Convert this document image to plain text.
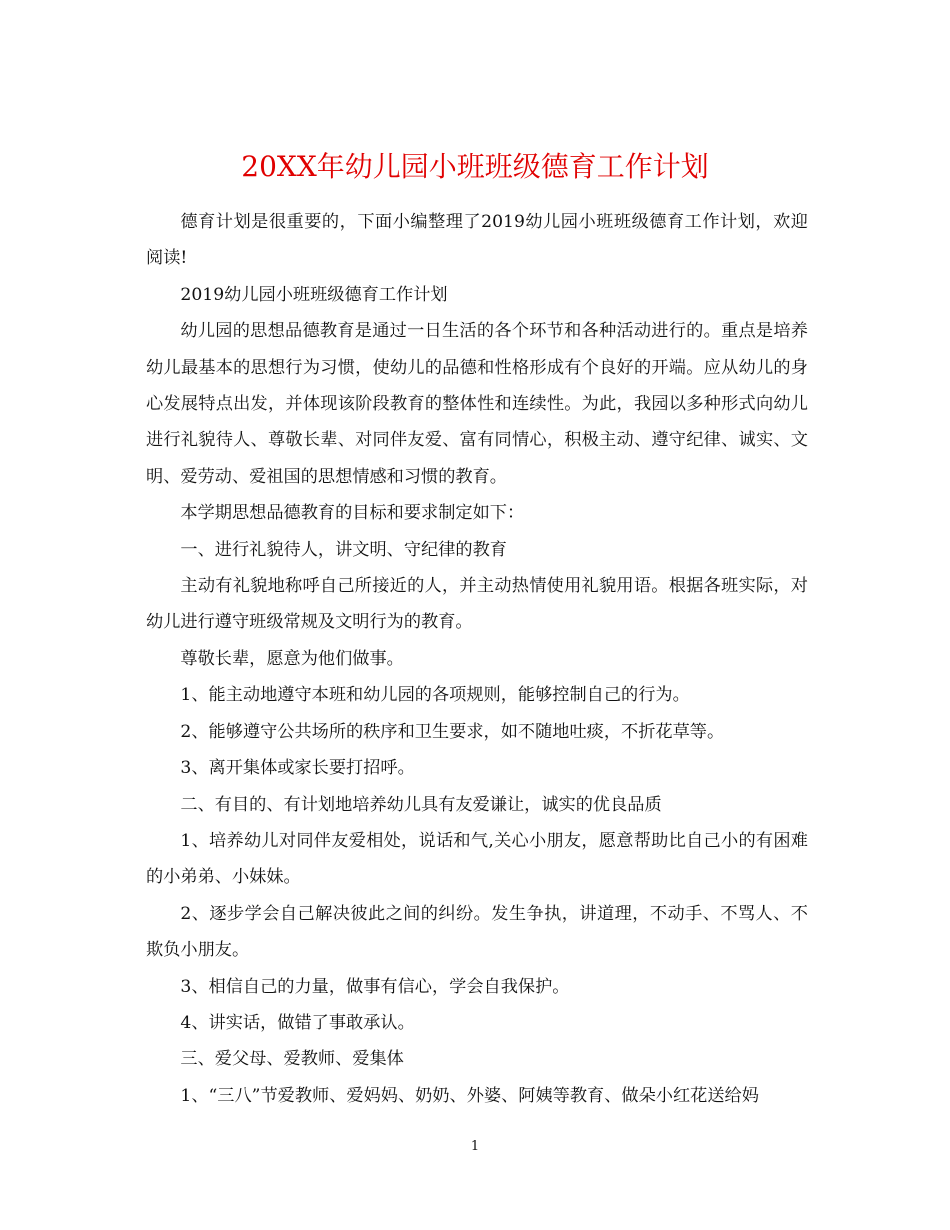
20XX年幼儿园小班班级德育工作计划

德育计划是很重要的，下面小编整理了2019幼儿园小班班级德育工作计划，欢迎阅读!

2019幼儿园小班班级德育工作计划

幼儿园的思想品德教育是通过一日生活的各个环节和各种活动进行的。重点是培养幼儿最基本的思想行为习惯，使幼儿的品德和性格形成有个良好的开端。应从幼儿的身心发展特点出发，并体现该阶段教育的整体性和连续性。为此，我园以多种形式向幼儿进行礼貌待人、尊敬长辈、对同伴友爱、富有同情心，积极主动、遵守纪律、诚实、文明、爱劳动、爱祖国的思想情感和习惯的教育。

本学期思想品德教育的目标和要求制定如下：

一、进行礼貌待人，讲文明、守纪律的教育

主动有礼貌地称呼自己所接近的人，并主动热情使用礼貌用语。根据各班实际，对幼儿进行遵守班级常规及文明行为的教育。

尊敬长辈，愿意为他们做事。

1、能主动地遵守本班和幼儿园的各项规则，能够控制自己的行为。

2、能够遵守公共场所的秩序和卫生要求，如不随地吐痰，不折花草等。

3、离开集体或家长要打招呼。

二、有目的、有计划地培养幼儿具有友爱谦让，诚实的优良品质

1、培养幼儿对同伴友爱相处，说话和气,关心小朋友，愿意帮助比自己小的有困难的小弟弟、小妹妹。

2、逐步学会自己解决彼此之间的纠纷。发生争执，讲道理，不动手、不骂人、不欺负小朋友。

3、相信自己的力量，做事有信心，学会自我保护。

4、讲实话，做错了事敢承认。

三、爱父母、爱教师、爱集体

1、“三八”节爱教师、爱妈妈、奶奶、外婆、阿姨等教育、做朵小红花送给妈

1
